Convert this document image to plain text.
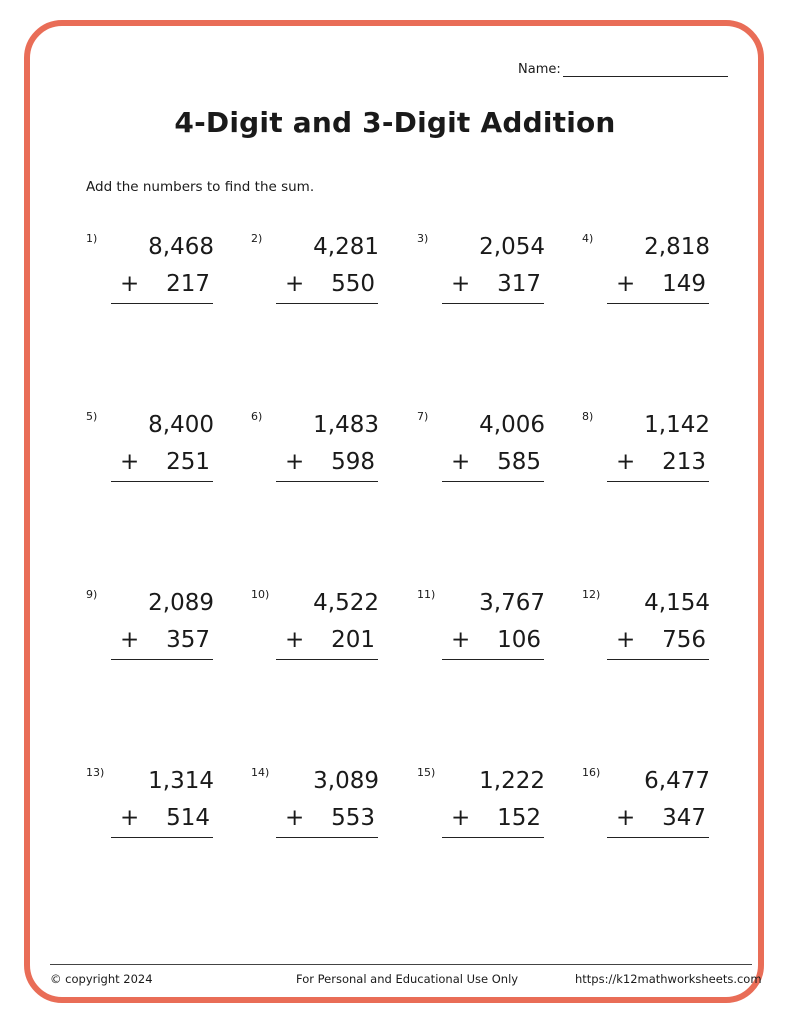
Name:
4-Digit and 3-Digit Addition
Add the numbers to find the sum.
1) 8,468
+ 217
2) 4,281
+ 550
3) 2,054
+ 317
4) 2,818
+ 149
5) 8,400
+ 251
6) 1,483
+ 598
7) 4,006
+ 585
8) 1,142
+ 213
9) 2,089
+ 357
10) 4,522
+ 201
11) 3,767
+ 106
12) 4,154
+ 756
13) 1,314
+ 514
14) 3,089
+ 553
15) 1,222
+ 152
16) 6,477
+ 347
© copyright 2024	For Personal and Educational Use Only	https://k12mathworksheets.com
